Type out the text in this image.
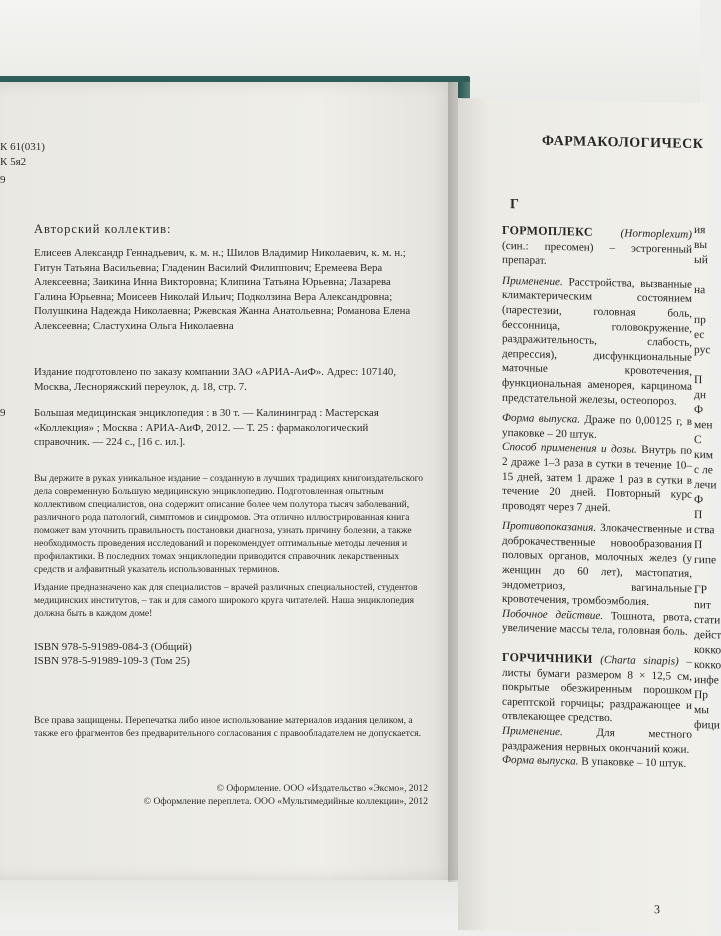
К 61(031)
К 5я2
9

Авторский коллектив:

Елисеев Александр Геннадьевич, к. м. н.; Шилов Владимир Николаевич, к. м. н.; Гитун Татьяна Васильевна; Гладенин Василий Филиппович; Еремеева Вера Алексеевна; Заикина Инна Викторовна; Клипина Татьяна Юрьевна; Лазарева Галина Юрьевна; Моисеев Николай Ильич; Подколзина Вера Александровна; Полушкина Надежда Николаевна; Ржевская Жанна Анатольевна; Романова Елена Алексеевна; Сластухина Ольга Николаевна

Издание подготовлено по заказу компании ЗАО «АРИА-АиФ». Адрес: 107140, Москва, Лесноряжский переулок, д. 18, стр. 7.

9	Большая медицинская энциклопедия : в 30 т. — Калининград : Мастерская «Коллекция» ; Москва : АРИА-АиФ, 2012. — Т. 25 : фармакологический справочник. — 224 с., [16 с. ил.].

Вы держите в руках уникальное издание – созданную в лучших традициях книгоиздательского дела современную Большую медицинскую энциклопедию. Подготовленная опытным коллективом специалистов, она содержит описание более чем полутора тысяч заболеваний, различного рода патологий, симптомов и синдромов. Эта отлично иллюстрированная книга поможет вам уточнить правильность постановки диагноза, узнать причину болезни, а также необходимость проведения исследований и порекомендует оптимальные методы лечения и профилактики. В последних томах энциклопедии приводится справочник лекарственных средств и алфавитный указатель использованных терминов.

Издание предназначено как для специалистов – врачей различных специальностей, студентов медицинских институтов, – так и для самого широкого круга читателей. Наша энциклопедия должна быть в каждом доме!

ISBN 978-5-91989-084-3 (Общий)
ISBN 978-5-91989-109-3 (Том 25)

Все права защищены. Перепечатка либо иное использование материалов издания целиком, а также его фрагментов без предварительного согласования с правообладателем не допускается.

© Оформление. ООО «Издательство «Эксмо», 2012
© Оформление переплета. ООО «Мультимедийные коллекции», 2012

ФАРМАКОЛОГИЧЕСК

Г

ГОРМОПЛЕКС (Hormoplexum) (син.: пресомен) – эстрогенный препарат.

Применение. Расстройства, вызванные климактерическим состоянием (парестезии, головная боль, бессонница, головокружение, раздражительность, слабость, депрессия), дисфункциональные маточные кровотечения, функциональная аменорея, карцинома предстательной железы, остеопороз.

Форма выпуска. Драже по 0,00125 г, в упаковке – 20 штук.

Способ применения и дозы. Внутрь по 2 драже 1–3 раза в сутки в течение 10–15 дней, затем 1 драже 1 раз в сутки в течение 20 дней. Повторный курс проводят через 7 дней.

Противопоказания. Злокачественные и доброкачественные новообразования половых органов, молочных желез (у женщин до 60 лет), мастопатия, эндометриоз, вагинальные кровотечения, тромбоэмболия.

Побочное действие. Тошнота, рвота, увеличение массы тела, головная боль.

ГОРЧИЧНИКИ (Charta sinapis) – листы бумаги размером 8 × 12,5 см, покрытые обезжиренным порошком сарептской горчицы; раздражающее и отвлекающее средство.

Применение.	Для местного раздражения нервных окончаний кожи.

Форма выпуска. В упаковке – 10 штук.

ия
вы
ый

на

пр
ес
рус

П
дн
Ф
мен
С
ким
с ле
лечи
Ф
П
ства
П
гипе

ГР
nит
стати
дейст
кокко
кокко
инфе
Пр
мы
фици

3
